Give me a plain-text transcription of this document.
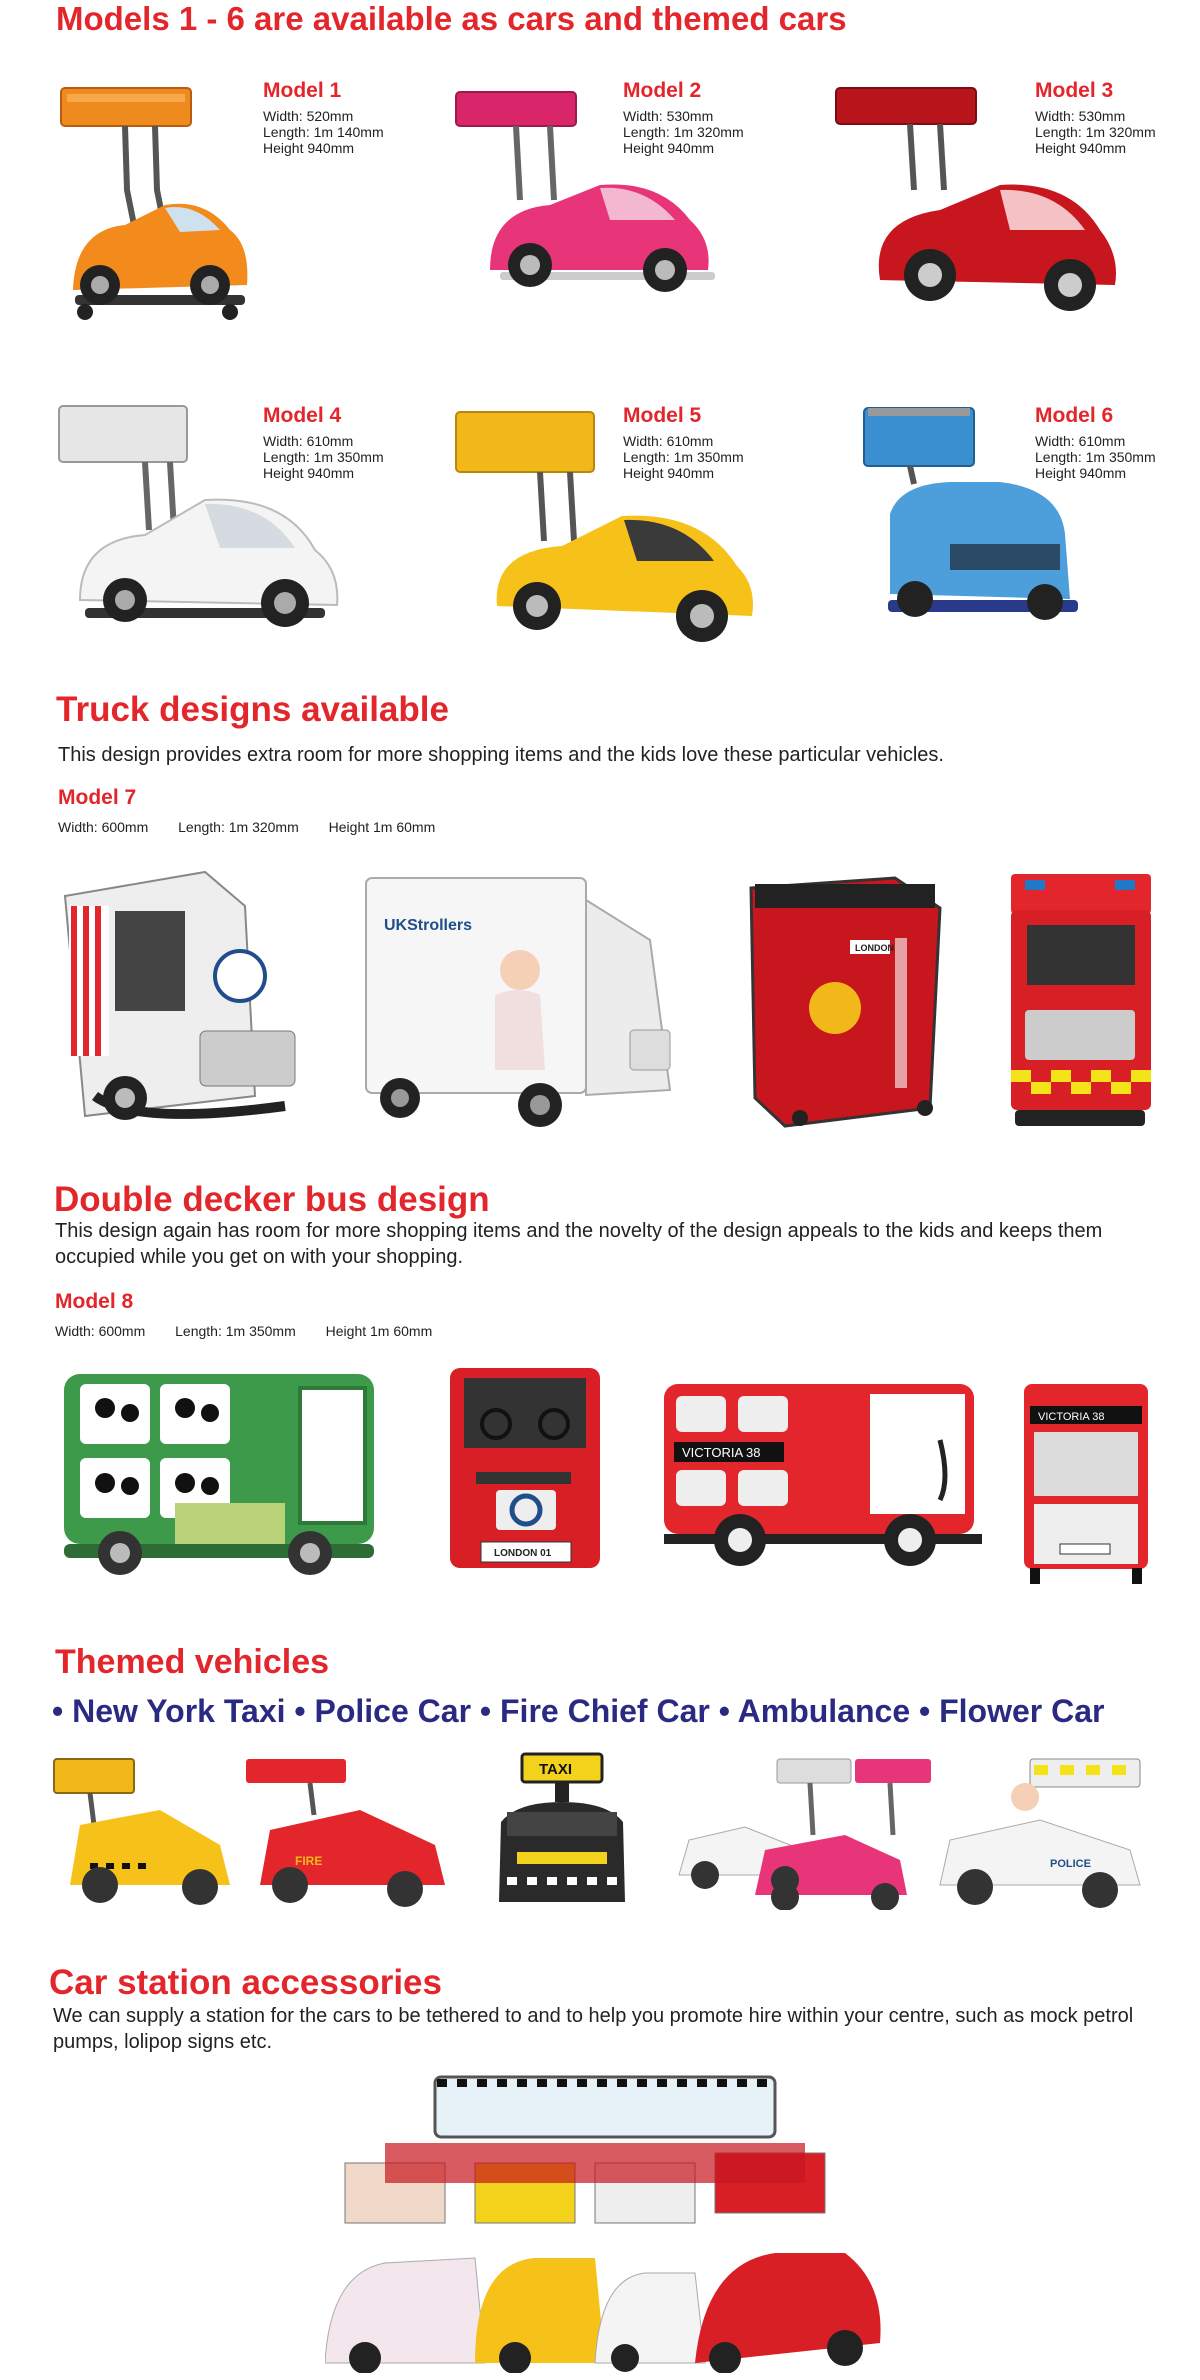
Models 1 - 6 are available as cars and themed cars
Model 1
Width: 520mm
Length: 1m 140mm
Height 940mm
Model 2
Width: 530mm
Length: 1m 320mm
Height 940mm
Model 3
Width: 530mm
Length: 1m 320mm
Height 940mm
Model 4
Width: 610mm
Length: 1m 350mm
Height 940mm
Model 5
Width: 610mm
Length: 1m 350mm
Height 940mm
Model 6
Width: 610mm
Length: 1m 350mm
Height 940mm
Truck designs available

This design provides extra room for more shopping items and the kids love these particular vehicles.

Model 7
Width: 600mm Length: 1m 320mm Height 1m 60mm
UKStrollers
LONDON
Double decker bus design

This design again has room for more shopping items and the novelty of the design appeals to the kids and keeps them occupied while you get on with your shopping.

Model 8
Width: 600mm Length: 1m 350mm Height 1m 60mm
LONDON 01
VICTORIA 38
VICTORIA 38
Themed vehicles
• New York Taxi • Police Car • Fire Chief Car • Ambulance • Flower Car
FIRE
TAXI
POLICE
Car station accessories

We can supply a station for the cars to be tethered to and to help you promote hire within your centre, such as mock petrol pumps, lolipop signs etc.
